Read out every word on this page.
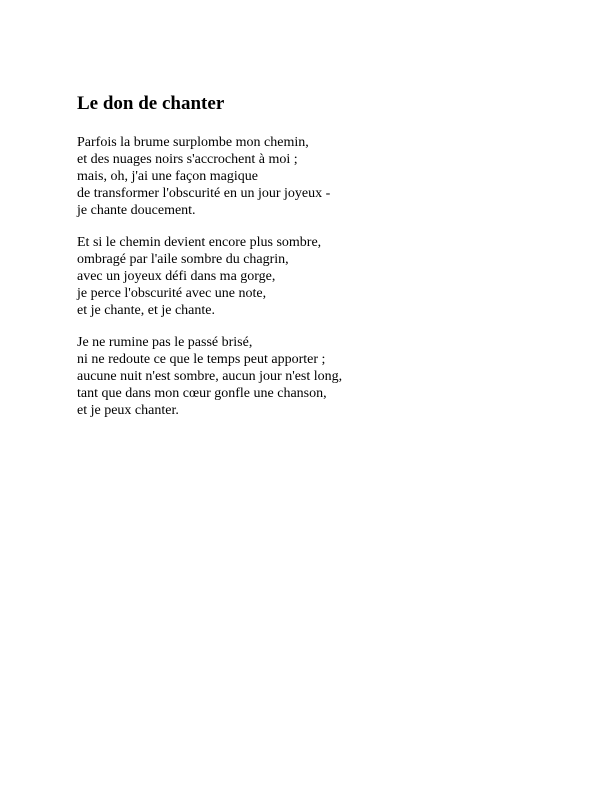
Le don de chanter
Parfois la brume surplombe mon chemin,
et des nuages noirs s'accrochent à moi ;
mais, oh, j'ai une façon magique
de transformer l'obscurité en un jour joyeux -
je chante doucement.
Et si le chemin devient encore plus sombre,
ombragé par l'aile sombre du chagrin,
avec un joyeux défi dans ma gorge,
je perce l'obscurité avec une note,
et je chante, et je chante.
Je ne rumine pas le passé brisé,
ni ne redoute ce que le temps peut apporter ;
aucune nuit n'est sombre, aucun jour n'est long,
tant que dans mon cœur gonfle une chanson,
et je peux chanter.
